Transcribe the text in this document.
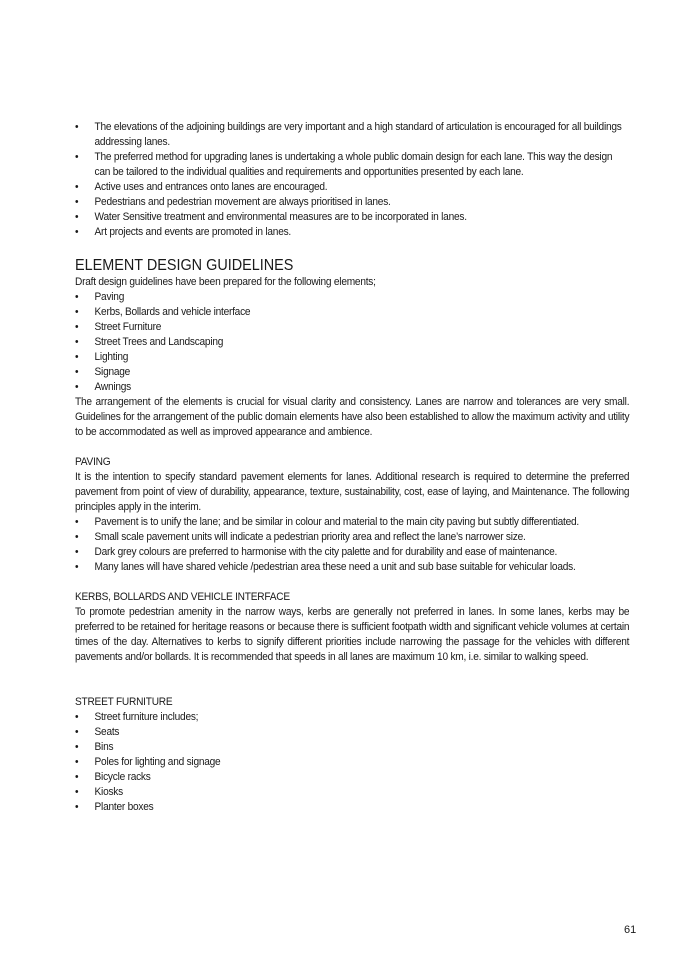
• The elevations of the adjoining buildings are very important and a high standard of articulation is encouraged for all buildings addressing lanes.
• The preferred method for upgrading lanes is undertaking a whole public domain design for each lane. This way the design can be tailored to the individual qualities and requirements and opportunities presented by each lane.
• Active uses and entrances onto lanes are encouraged.
• Pedestrians and pedestrian movement are always prioritised in lanes.
• Water Sensitive treatment and environmental measures are to be incorporated in lanes.
• Art projects and events are promoted in lanes.
ELEMENT DESIGN GUIDELINES

Draft design guidelines have been prepared for the following elements;

• Paving
• Kerbs, Bollards and vehicle interface
• Street Furniture
• Street Trees and Landscaping
• Lighting
• Signage
• Awnings

The arrangement of the elements is crucial for visual clarity and consistency. Lanes are narrow and tolerances are very small. Guidelines for the arrangement of the public domain elements have also been established to allow the maximum activity and utility to be accommodated as well as improved appearance and ambience.

PAVING

It is the intention to specify standard pavement elements for lanes. Additional research is required to determine the preferred pavement from point of view of durability, appearance, texture, sustainability, cost, ease of laying, and Maintenance. The following principles apply in the interim.

• Pavement is to unify the lane; and be similar in colour and material to the main city paving but subtly differentiated.
• Small scale pavement units will indicate a pedestrian priority area and reﬂect the lane’s narrower size.
• Dark grey colours are preferred to harmonise with the city palette and for durability and ease of maintenance.
• Many lanes will have shared vehicle /pedestrian area these need a unit and sub base suitable for vehicular loads.
KERBS, BOLLARDS AND VEHICLE INTERFACE

To promote pedestrian amenity in the narrow ways, kerbs are generally not preferred in lanes. In some lanes, kerbs may be preferred to be retained for heritage reasons or because there is sufﬁcient footpath width and signiﬁcant vehicle volumes at certain times of the day. Alternatives to kerbs to signify different priorities include narrowing the passage for the vehicles with different pavements and/or bollards. It is recommended that speeds in all lanes are maximum 10 km, i.e. similar to walking speed.

STREET FURNITURE
• Street furniture includes;
• Seats
• Bins
• Poles for lighting and signage
• Bicycle racks
• Kiosks
• Planter boxes
61
